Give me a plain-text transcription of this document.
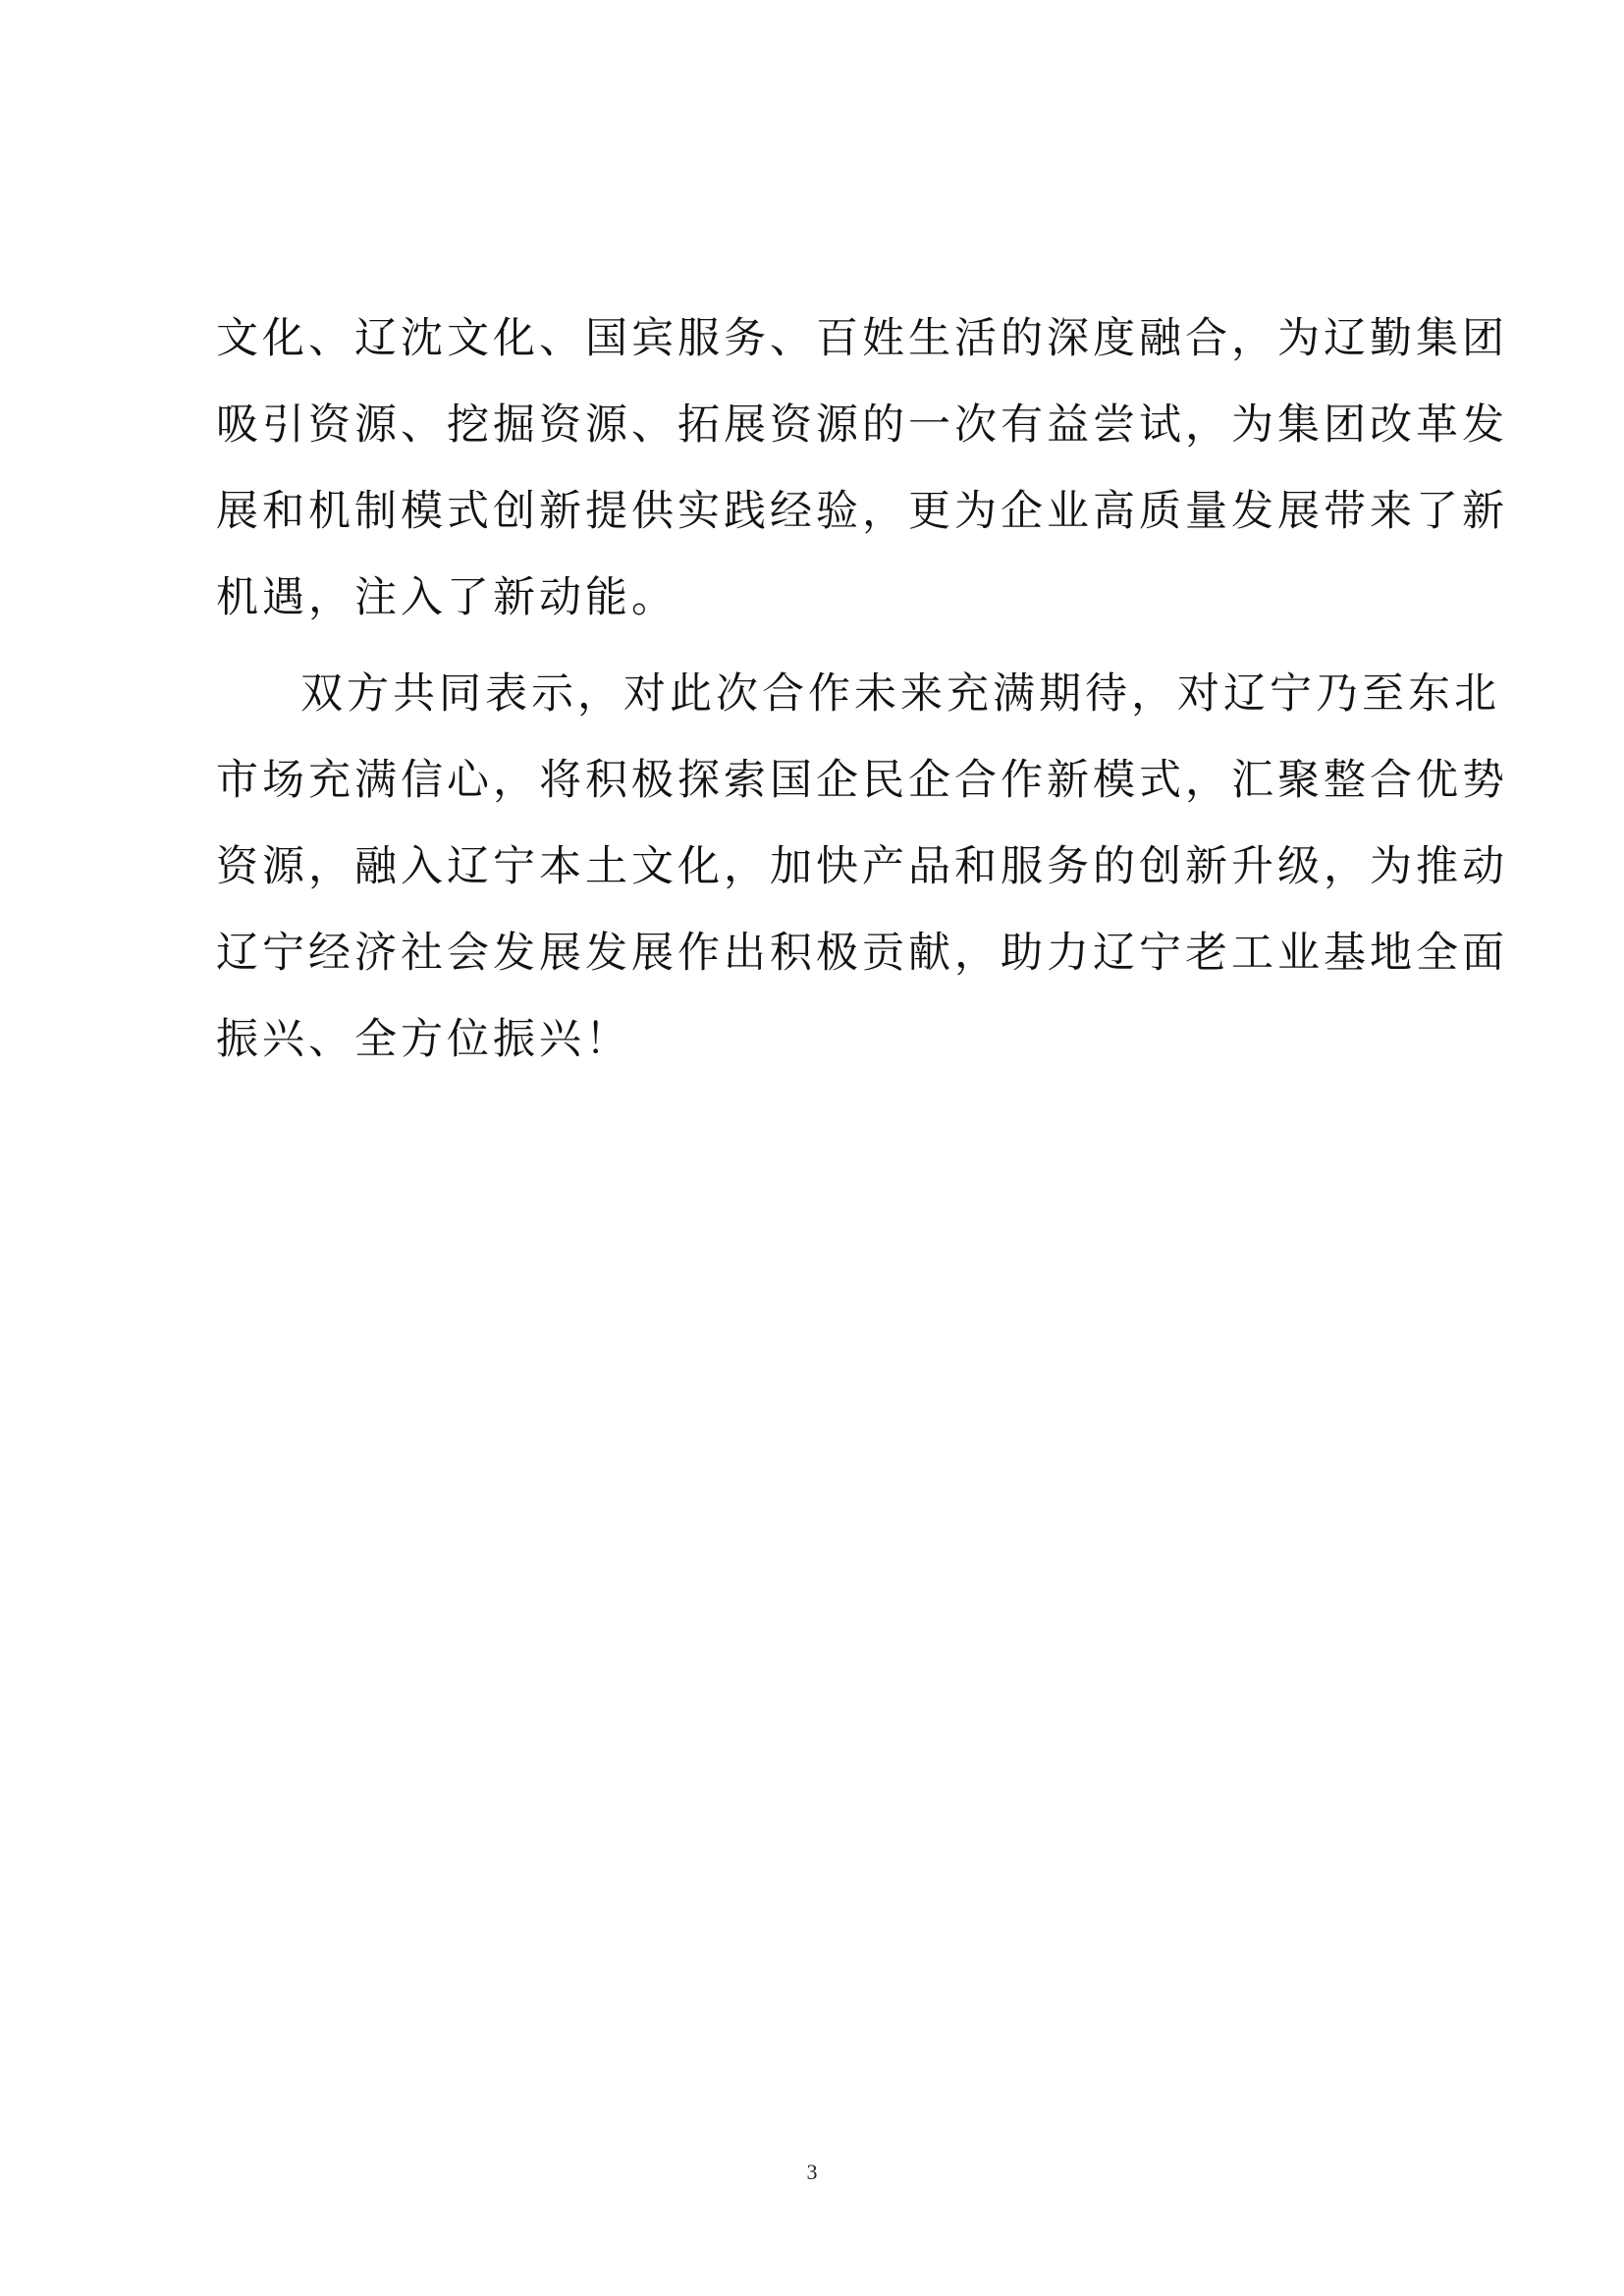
文化、辽沈文化、国宾服务、百姓生活的深度融合，为辽勤集团
吸引资源、挖掘资源、拓展资源的一次有益尝试，为集团改革发
展和机制模式创新提供实践经验，更为企业高质量发展带来了新
机遇，注入了新动能。
双方共同表示，对此次合作未来充满期待，对辽宁乃至东北
市场充满信心，将积极探索国企民企合作新模式，汇聚整合优势
资源，融入辽宁本土文化，加快产品和服务的创新升级，为推动
辽宁经济社会发展发展作出积极贡献，助力辽宁老工业基地全面
振兴、全方位振兴！
3
